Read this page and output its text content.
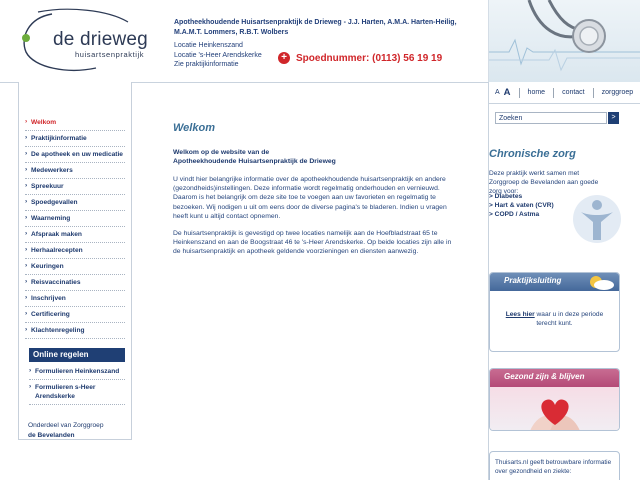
de drieweg
huisartsenpraktijk
Apotheekhoudende Huisartsenpraktijk de Drieweg - J.J. Harten, A.M.A. Harten-Heilig, M.A.M.T. Lommers, R.B.T. Wolbers
Locatie Heinkenszand
Locatie 's-Heer Arendskerke
Zie praktijkinformatie
+ Spoednummer: (0113) 56 19 19
› Welkom
› Praktijkinformatie
› De apotheek en uw medicatie
› Medewerkers
› Spreekuur
› Spoedgevallen
› Waarneming
› Afspraak maken
› Herhaalrecepten
› Keuringen
› Reisvaccinaties
› Inschrijven
› Certificering
› Klachtenregeling
Online regelen
› Formulieren Heinkenszand
› Formulieren s-Heer Arendskerke
Onderdeel van Zorggroep
de Bevelanden
Welkom
Welkom op de website van de
Apotheekhoudende Huisartsenpraktijk de Drieweg

U vindt hier belangrijke informatie over de apotheekhoudende huisartsenpraktijk en andere (gezondheids)instellingen. Deze informatie wordt regelmatig onderhouden en vernieuwd. Daarom is het belangrijk om deze site toe te voegen aan uw favorieten en regelmatig te bezoeken. Wij nodigen u uit om eens door de diverse pagina's te bladeren. Indien u vragen heeft kunt u altijd contact opnemen.

De huisartsenpraktijk is gevestigd op twee locaties namelijk aan de Hoefbladstraat 65 te Heinkenszand en aan de Boogstraat 46 te 's-Heer Arendskerke. Op beide locaties zijn alle in de huisartsenpraktijk en apotheek geldende voorzieningen en diensten aanwezig.

A A home contact zorggroep
Zoeken	>
Chronische zorg
Deze praktijk werkt samen met Zorggroep de Bevelanden aan goede zorg voor:
> Diabetes
> Hart & vaten (CVR)
> COPD / Astma
Praktijksluiting
Lees hier waar u in deze periode terecht kunt.
Gezond zijn & blijven
Thuisarts.nl geeft betrouwbare informatie over gezondheid en ziekte:
